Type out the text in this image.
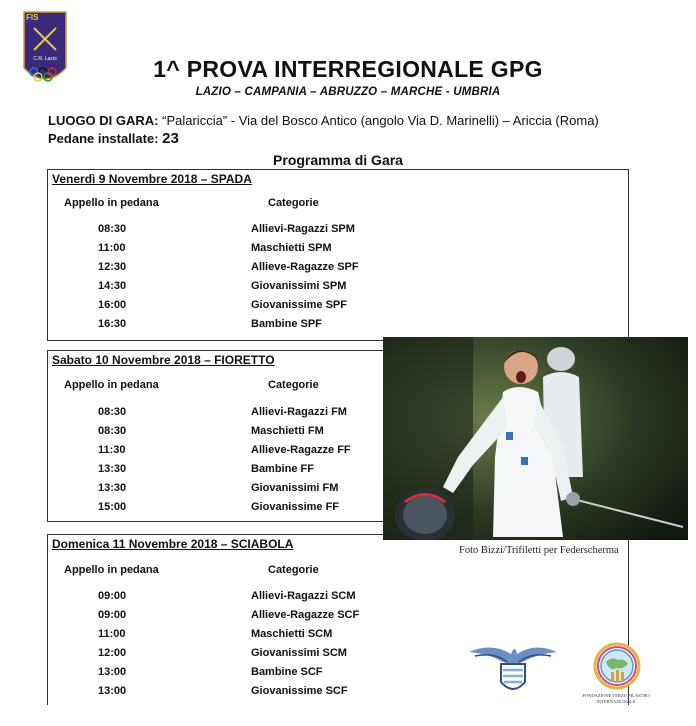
FIS
C.R. Lazio	1^ PROVA INTERREGIONALE GPG
LAZIO – CAMPANIA – ABRUZZO – MARCHE - UMBRIA
LUOGO DI GARA: “Palariccia” - Via del Bosco Antico (angolo Via D. Marinelli) – Ariccia (Roma)
Pedane installate: 23
Programma di Gara
Venerdì 9 Novembre 2018 – SPADA
Appello in pedana	Categorie
08:30	Allievi-Ragazzi SPM
11:00	Maschietti SPM
12:30	Allieve-Ragazze SPF
14:30	Giovanissimi SPM
16:00	Giovanissime SPF
16:30	Bambine SPF
Sabato 10 Novembre 2018 – FIORETTO
Appello in pedana	Categorie
08:30	Allievi-Ragazzi FM
08:30	Maschietti FM
11:30	Allieve-Ragazze FF
13:30	Bambine FF
13:30	Giovanissimi FM
15:00	Giovanissime FF
Domenica 11 Novembre 2018 – SCIABOLA
Appello in pedana	Categorie
09:00	Allievi-Ragazzi SCM
09:00	Allieve-Ragazze SCF
11:00	Maschietti SCM
12:00	Giovanissimi SCM
13:00	Bambine SCF
13:00	Giovanissime SCF
Foto Bizzi/Trifiletti per Federscherma
FONDAZIONE TERZO PILASTRO INTERNAZIONALE
